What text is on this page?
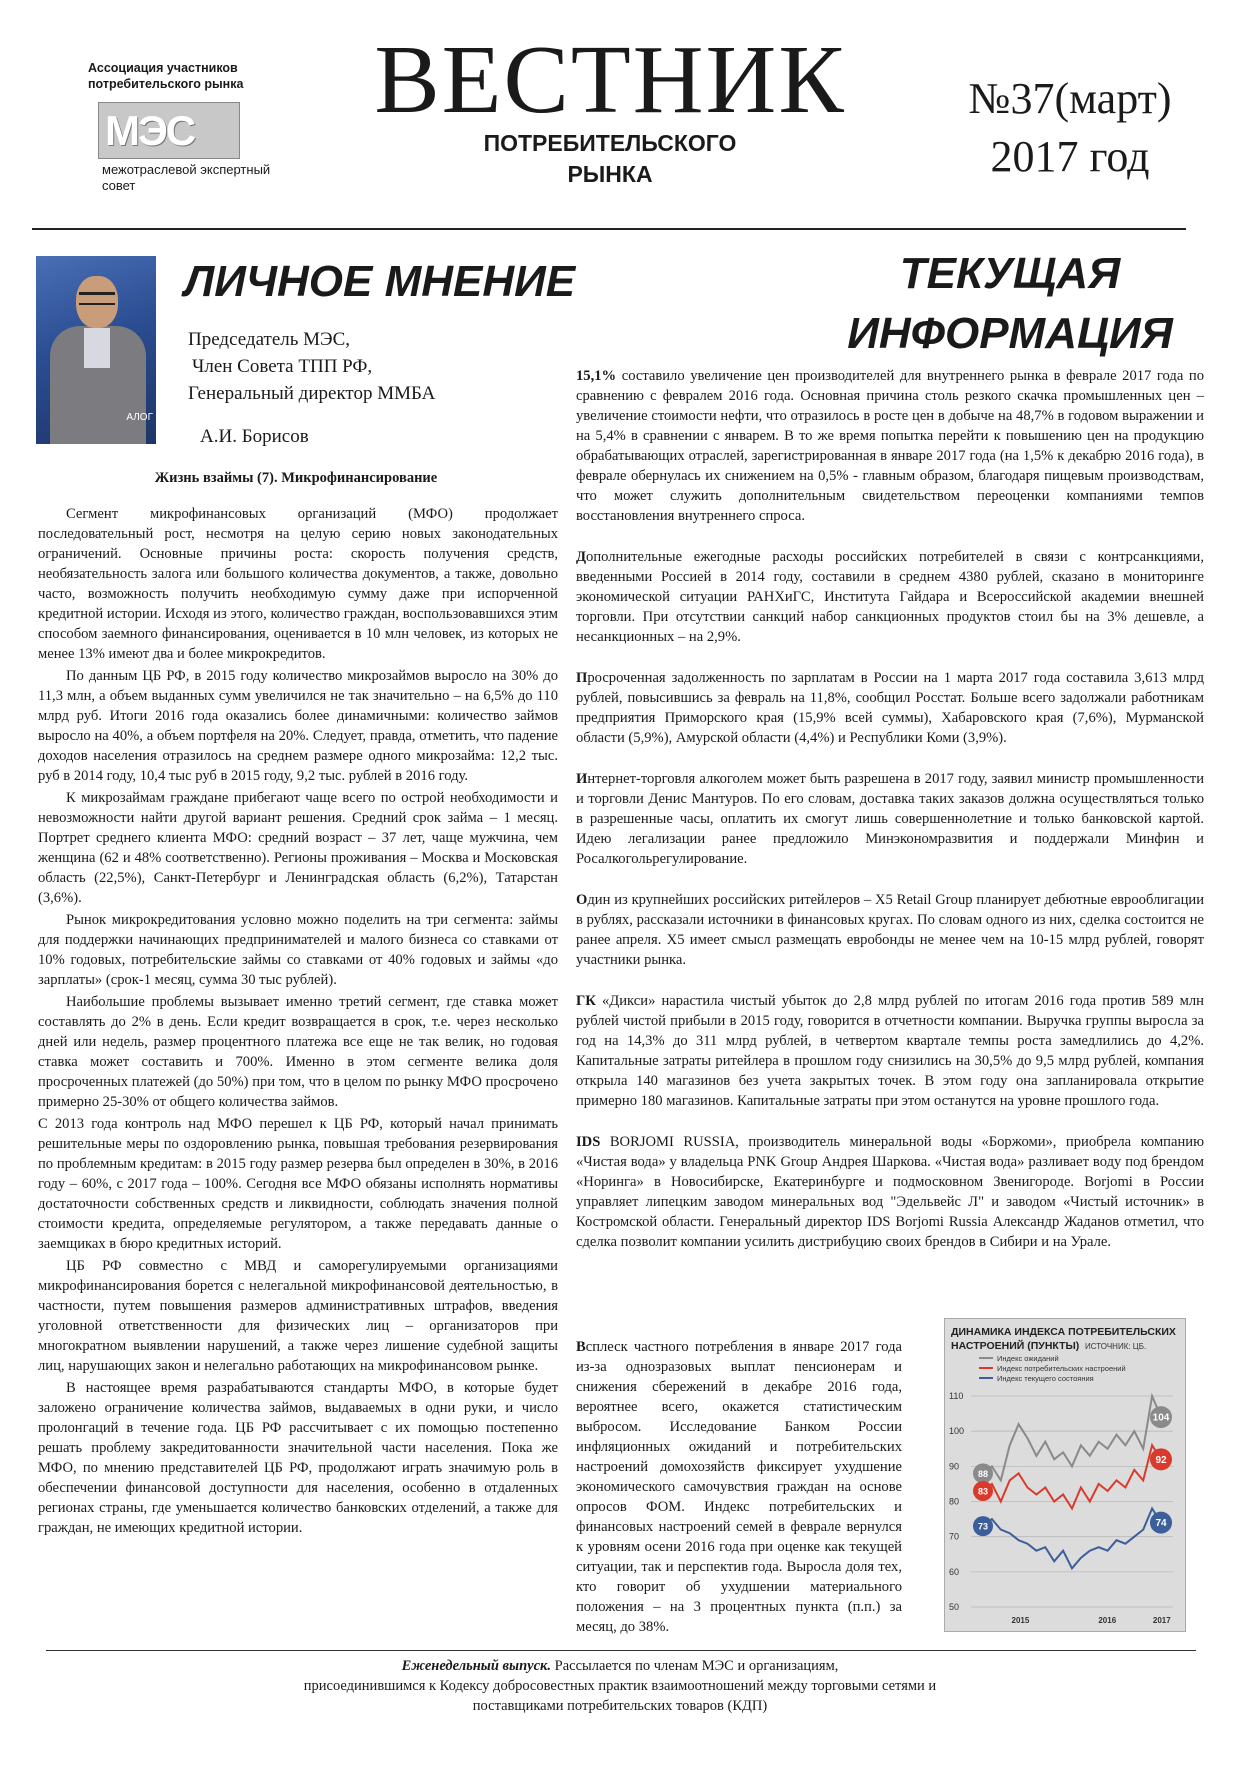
Ассоциация участников потребительского рынка
МЭС
межотраслевой экспертный совет
ВЕСТНИК
ПОТРЕБИТЕЛЬСКОГО
РЫНКА
№37(март)
2017 год
АЛОГ
ЛИЧНОЕ МНЕНИЕ
Председатель МЭС,
Член Совета ТПП РФ,
Генеральный директор ММБА
А.И. Борисов
Жизнь взаймы (7). Микрофинансирование

Сегмент микрофинансовых организаций (МФО) продолжает последовательный рост, несмотря на целую серию новых законодательных ограничений. Основные причины роста: скорость получения средств, необязательность залога или большого количества документов, а также, довольно часто, возможность получить необходимую сумму даже при испорченной кредитной истории. Исходя из этого, количество граждан, воспользовавшихся этим способом заемного финансирования, оценивается в 10 млн человек, из которых не менее 13% имеют два и более микрокредитов.

По данным ЦБ РФ, в 2015 году количество микрозаймов выросло на 30% до 11,3 млн, а объем выданных сумм увеличился не так значительно – на 6,5% до 110 млрд руб. Итоги 2016 года оказались более динамичными: количество займов выросло на 40%, а объем портфеля на 20%. Следует, правда, отметить, что падение доходов населения отразилось на среднем размере одного микрозайма: 12,2 тыс. руб в 2014 году, 10,4 тыс руб в 2015 году, 9,2 тыс. рублей в 2016 году.

К микрозаймам граждане прибегают чаще всего по острой необходимости и невозможности найти другой вариант решения. Средний срок займа – 1 месяц. Портрет среднего клиента МФО: средний возраст – 37 лет, чаще мужчина, чем женщина (62 и 48% соответственно). Регионы проживания – Москва и Московская область (22,5%), Санкт-Петербург и Ленинградская область (6,2%), Татарстан (3,6%).

Рынок микрокредитования условно можно поделить на три сегмента: займы для поддержки начинающих предпринимателей и малого бизнеса со ставками от 10% годовых, потребительские займы со ставками от 40% годовых и займы «до зарплаты» (срок-1 месяц, сумма 30 тыс рублей).

Наибольшие проблемы вызывает именно третий сегмент, где ставка может составлять до 2% в день. Если кредит возвращается в срок, т.е. через несколько дней или недель, размер процентного платежа все еще не так велик, но годовая ставка может составить и 700%. Именно в этом сегменте велика доля просроченных платежей (до 50%) при том, что в целом по рынку МФО просрочено примерно 25-30% от общего количества займов.

С 2013 года контроль над МФО перешел к ЦБ РФ, который начал принимать решительные меры по оздоровлению рынка, повышая требования резервирования по проблемным кредитам: в 2015 году размер резерва был определен в 30%, в 2016 году – 60%, с 2017 года – 100%. Сегодня все МФО обязаны исполнять нормативы достаточности собственных средств и ликвидности, соблюдать значения полной стоимости кредита, определяемые регулятором, а также передавать данные о заемщиках в бюро кредитных историй.

ЦБ РФ совместно с МВД и саморегулируемыми организациями микрофинансирования борется с нелегальной микрофинансовой деятельностью, в частности, путем повышения размеров административных штрафов, введения уголовной ответственности для физических лиц – организаторов при многократном выявлении нарушений, а также через лишение судебной защиты лиц, нарушающих закон и нелегально работающих на микрофинансовом рынке.

В настоящее время разрабатываются стандарты МФО, в которые будет заложено ограничение количества займов, выдаваемых в одни руки, и число пролонгаций в течение года. ЦБ РФ рассчитывает с их помощью постепенно решать проблему закредитованности значительной части населения. Пока же МФО, по мнению представителей ЦБ РФ, продолжают играть значимую роль в обеспечении финансовой доступности для населения, особенно в отдаленных регионах страны, где уменьшается количество банковских отделений, а также для граждан, не имеющих кредитной истории.

ТЕКУЩАЯ
ИНФОРМАЦИЯ

15,1% составило увеличение цен производителей для внутреннего рынка в феврале 2017 года по сравнению с февралем 2016 года. Основная причина столь резкого скачка промышленных цен – увеличение стоимости нефти, что отразилось в росте цен в добыче на 48,7% в годовом выражении и на 5,4% в сравнении с январем. В то же время попытка перейти к повышению цен на продукцию обрабатывающих отраслей, зарегистрированная в январе 2017 года (на 1,5% к декабрю 2016 года), в феврале обернулась их снижением на 0,5% - главным образом, благодаря пищевым производствам, что может служить дополнительным свидетельством переоценки компаниями темпов восстановления внутреннего спроса.

Дополнительные ежегодные расходы российских потребителей в связи с контрсанкциями, введенными Россией в 2014 году, составили в среднем 4380 рублей, сказано в мониторинге экономической ситуации РАНХиГС, Института Гайдара и Всероссийской академии внешней торговли. При отсутствии санкций набор санкционных продуктов стоил бы на 3% дешевле, а несанкционных – на 2,9%.

Просроченная задолженность по зарплатам в России на 1 марта 2017 года составила 3,613 млрд рублей, повысившись за февраль на 11,8%, сообщил Росстат. Больше всего задолжали работникам предприятия Приморского края (15,9% всей суммы), Хабаровского края (7,6%), Мурманской области (5,9%), Амурской области (4,4%) и Республики Коми (3,9%).

Интернет-торговля алкоголем может быть разрешена в 2017 году, заявил министр промышленности и торговли Денис Мантуров. По его словам, доставка таких заказов должна осуществляться только в разрешенные часы, оплатить их смогут лишь совершеннолетние и только банковской картой. Идею легализации ранее предложило Минэкономразвития и поддержали Минфин и Росалкогольрегулирование.

Один из крупнейших российских ритейлеров – X5 Retail Group планирует дебютные еврооблигации в рублях, рассказали источники в финансовых кругах. По словам одного из них, сделка состоится не ранее апреля. X5 имеет смысл размещать евробонды не менее чем на 10-15 млрд рублей, говорят участники рынка.

ГК «Дикси» нарастила чистый убыток до 2,8 млрд рублей по итогам 2016 года против 589 млн рублей чистой прибыли в 2015 году, говорится в отчетности компании. Выручка группы выросла за год на 14,3% до 311 млрд рублей, в четвертом квартале темпы роста замедлились до 4,2%. Капитальные затраты ритейлера в прошлом году снизились на 30,5% до 9,5 млрд рублей, компания открыла 140 магазинов без учета закрытых точек. В этом году она запланировала открытие примерно 180 магазинов. Капитальные затраты при этом останутся на уровне прошлого года.

IDS BORJOMI RUSSIA, производитель минеральной воды «Боржоми», приобрела компанию «Чистая вода» у владельца PNK Group Андрея Шаркова. «Чистая вода» разливает воду под брендом «Норинга» в Новосибирске, Екатеринбурге и подмосковном Звенигороде. Borjomi в России управляет липецким заводом минеральных вод "Эдельвейс Л" и заводом «Чистый источник» в Костромской области. Генеральный директор IDS Borjomi Russia Александр Жаданов отметил, что сделка позволит компании усилить дистрибуцию своих брендов в Сибири и на Урале.

Всплеск частного потребления в январе 2017 года из-за однозразовых выплат пенсионерам и снижения сбережений в декабре 2016 года, вероятнее всего, окажется статистическим выбросом. Исследование Банком России инфляционных ожиданий и потребительских настроений домохозяйств фиксирует ухудшение экономического самочувствия граждан на основе опросов ФОМ. Индекс потребительских и финансовых настроений семей в феврале вернулся к уровням осени 2016 года при оценке как текущей ситуации, так и перспектив года. Выросла доля тех, кто говорит об ухудшении материального положения – на 3 процентных пункта (п.п.) за месяц, до 38%.

ДИНАМИКА ИНДЕКСА ПОТРЕБИТЕЛЬСКИХ
НАСТРОЕНИЙ (ПУНКТЫ) ИСТОЧНИК: ЦБ.
Индекс ожиданий
Индекс потребительских настроений
Индекс текущего состояния
110
100
90
80
70
60
50
2015	2016	2017
88
104
83
92
73	74
Еженедельный выпуск. Рассылается по членам МЭС и организациям,
присоединившимся к Кодексу добросовестных практик взаимоотношений между торговыми сетями и
поставщиками потребительских товаров (КДП)
